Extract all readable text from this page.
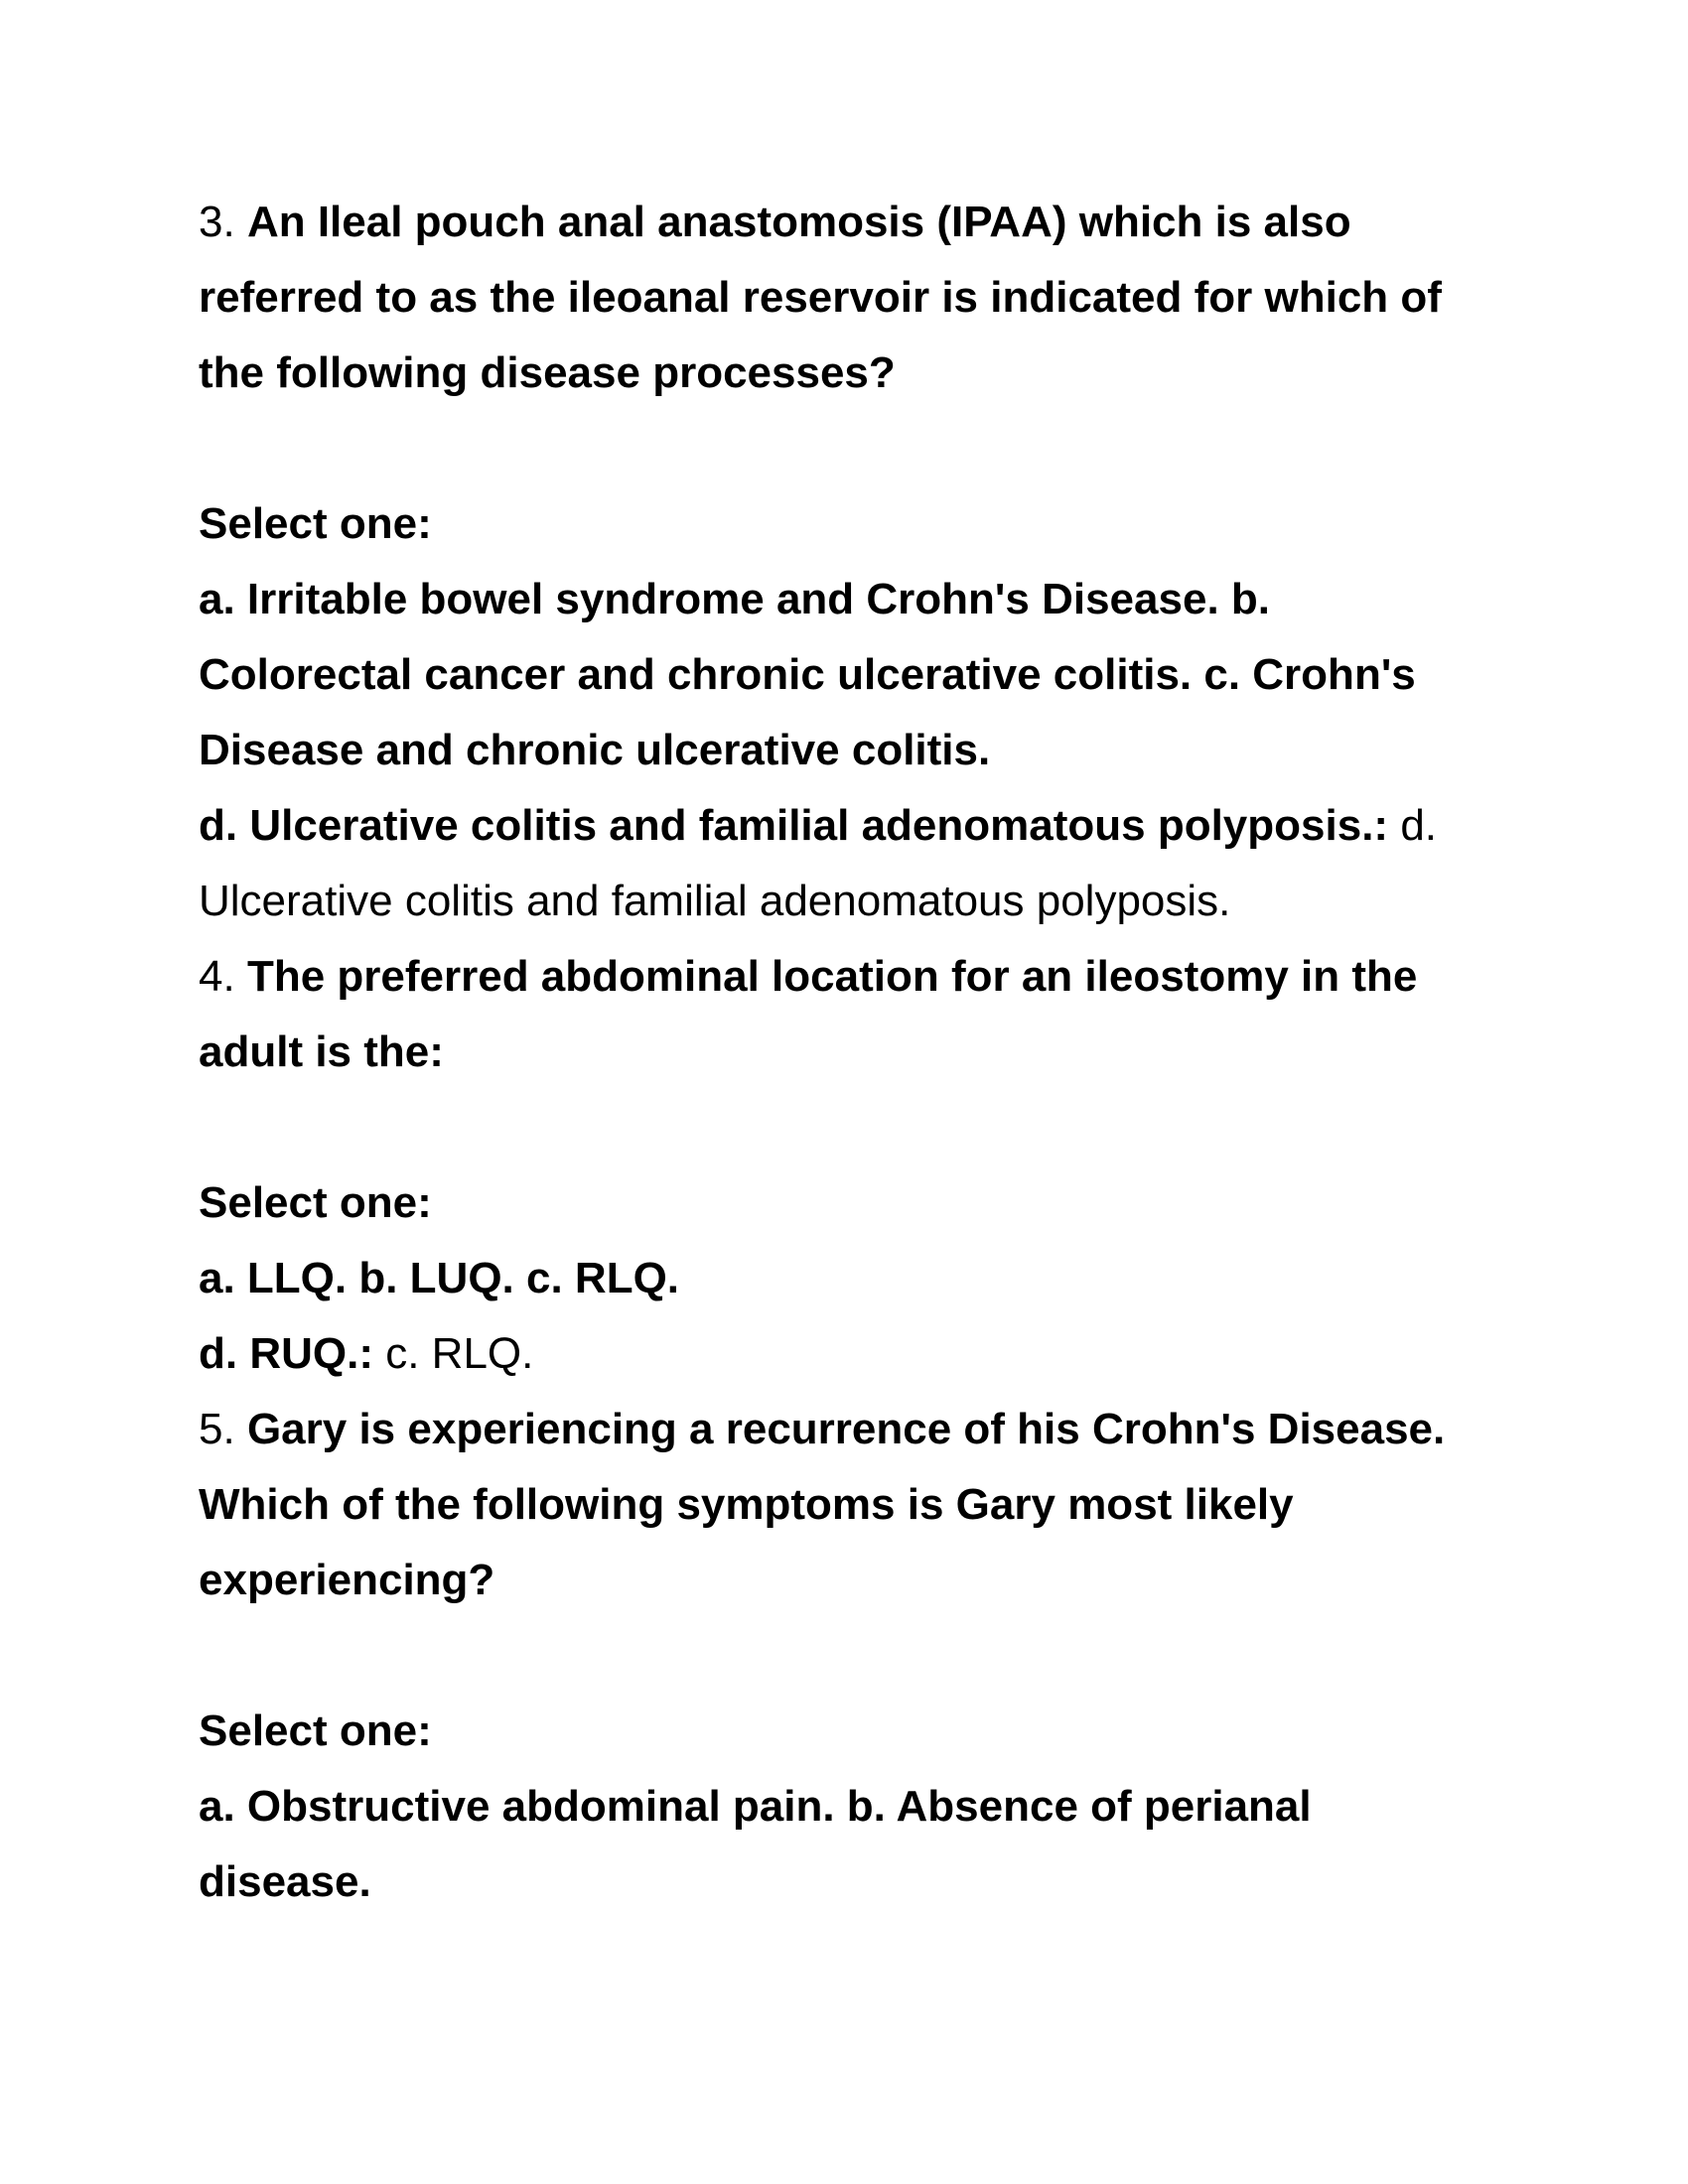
3. An Ileal pouch anal anastomosis (IPAA) which is also
referred to as the ileoanal reservoir is indicated for which of
the following disease processes?
Select one:
a. Irritable bowel syndrome and Crohn's Disease. b.
Colorectal cancer and chronic ulcerative colitis. c. Crohn's
Disease and chronic ulcerative colitis.
d. Ulcerative colitis and familial adenomatous polyposis.: d.
Ulcerative colitis and familial adenomatous polyposis.
4. The preferred abdominal location for an ileostomy in the
adult is the:
Select one:
a. LLQ. b. LUQ. c. RLQ.
d. RUQ.: c. RLQ.
5. Gary is experiencing a recurrence of his Crohn's Disease.
Which of the following symptoms is Gary most likely
experiencing?
Select one:
a. Obstructive abdominal pain. b. Absence of perianal
disease.
